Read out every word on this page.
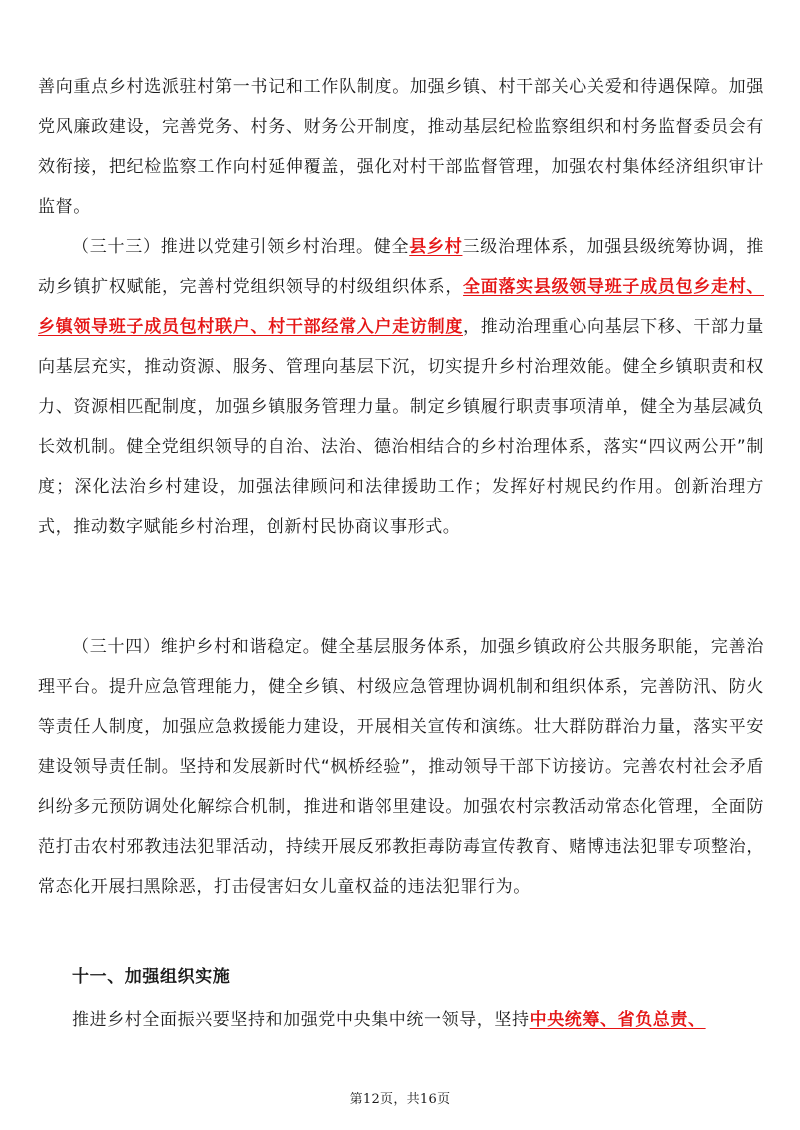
善向重点乡村选派驻村第一书记和工作队制度。加强乡镇、村干部关心关爱和待遇保障。加强党风廉政建设，完善党务、村务、财务公开制度，推动基层纪检监察组织和村务监督委员会有效衔接，把纪检监察工作向村延伸覆盖，强化对村干部监督管理，加强农村集体经济组织审计监督。

（三十三）推进以党建引领乡村治理。健全县乡村三级治理体系，加强县级统筹协调，推动乡镇扩权赋能，完善村党组织领导的村级组织体系，全面落实县级领导班子成员包乡走村、乡镇领导班子成员包村联户、村干部经常入户走访制度，推动治理重心向基层下移、干部力量向基层充实，推动资源、服务、管理向基层下沉，切实提升乡村治理效能。健全乡镇职责和权力、资源相匹配制度，加强乡镇服务管理力量。制定乡镇履行职责事项清单，健全为基层减负长效机制。健全党组织领导的自治、法治、德治相结合的乡村治理体系，落实“四议两公开”制度；深化法治乡村建设，加强法律顾问和法律援助工作；发挥好村规民约作用。创新治理方式，推动数字赋能乡村治理，创新村民协商议事形式。

（三十四）维护乡村和谐稳定。健全基层服务体系，加强乡镇政府公共服务职能，完善治理平台。提升应急管理能力，健全乡镇、村级应急管理协调机制和组织体系，完善防汛、防火等责任人制度，加强应急救援能力建设，开展相关宣传和演练。壮大群防群治力量，落实平安建设领导责任制。坚持和发展新时代“枫桥经验”，推动领导干部下访接访。完善农村社会矛盾纠纷多元预防调处化解综合机制，推进和谐邻里建设。加强农村宗教活动常态化管理，全面防范打击农村邪教违法犯罪活动，持续开展反邪教拒毒防毒宣传教育、赌博违法犯罪专项整治，常态化开展扫黑除恶，打击侵害妇女儿童权益的违法犯罪行为。

十一、加强组织实施

推进乡村全面振兴要坚持和加强党中央集中统一领导，坚持中央统筹、省负总责、

第12页，共16页
